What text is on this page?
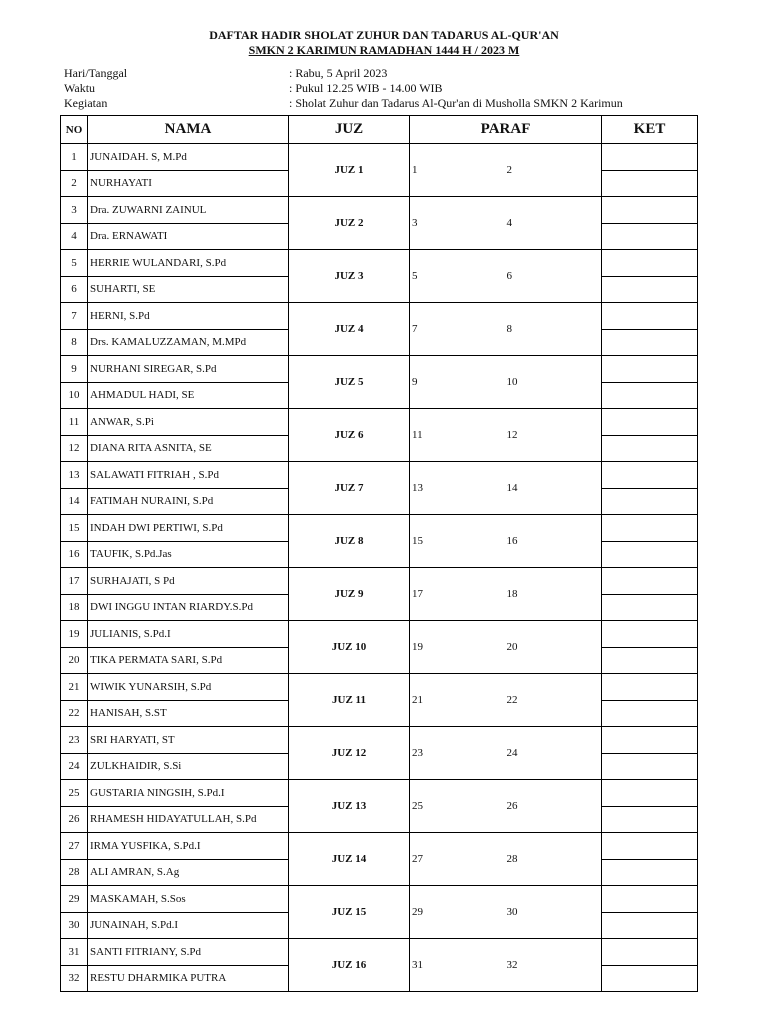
DAFTAR HADIR SHOLAT ZUHUR DAN TADARUS AL-QUR'AN
SMKN 2 KARIMUN RAMADHAN 1444 H / 2023 M
Hari/Tanggal	: Rabu, 5 April 2023
Waktu	: Pukul 12.25 WIB - 14.00 WIB
Kegiatan	: Sholat Zuhur dan Tadarus Al-Qur'an di Musholla SMKN 2 Karimun
NO	NAMA	JUZ	PARAF		KET
1	JUNAIDAH. S, M.Pd	JUZ 1	1	2	
2	NURHAYATI				
3	Dra. ZUWARNI ZAINUL	JUZ 2	3	4	
4	Dra. ERNAWATI				
5	HERRIE WULANDARI, S.Pd	JUZ 3	5	6	
6	SUHARTI, SE				
7	HERNI, S.Pd	JUZ 4	7	8	
8	Drs. KAMALUZZAMAN, M.MPd				
9	NURHANI SIREGAR, S.Pd	JUZ 5	9	10	
10	AHMADUL HADI, SE				
11	ANWAR, S.Pi	JUZ 6	11	12	
12	DIANA RITA ASNITA, SE				
13	SALAWATI FITRIAH , S.Pd	JUZ 7	13	14	
14	FATIMAH NURAINI, S.Pd				
15	INDAH DWI PERTIWI, S.Pd	JUZ 8	15	16	
16	TAUFIK, S.Pd.Jas				
17	SURHAJATI, S Pd	JUZ 9	17	18	
18	DWI INGGU INTAN RIARDY.S.Pd				
19	JULIANIS, S.Pd.I	JUZ 10	19	20	
20	TIKA PERMATA SARI, S.Pd				
21	WIWIK YUNARSIH, S.Pd	JUZ 11	21	22	
22	HANISAH, S.ST				
23	SRI HARYATI, ST	JUZ 12	23	24	
24	ZULKHAIDIR, S.Si				
25	GUSTARIA NINGSIH, S.Pd.I	JUZ 13	25	26	
26	RHAMESH HIDAYATULLAH, S.Pd				
27	IRMA YUSFIKA, S.Pd.I	JUZ 14	27	28	
28	ALI AMRAN, S.Ag				
29	MASKAMAH, S.Sos	JUZ 15	29	30	
30	JUNAINAH, S.Pd.I				
31	SANTI FITRIANY, S.Pd	JUZ 16	31	32	
32	RESTU DHARMIKA PUTRA				
